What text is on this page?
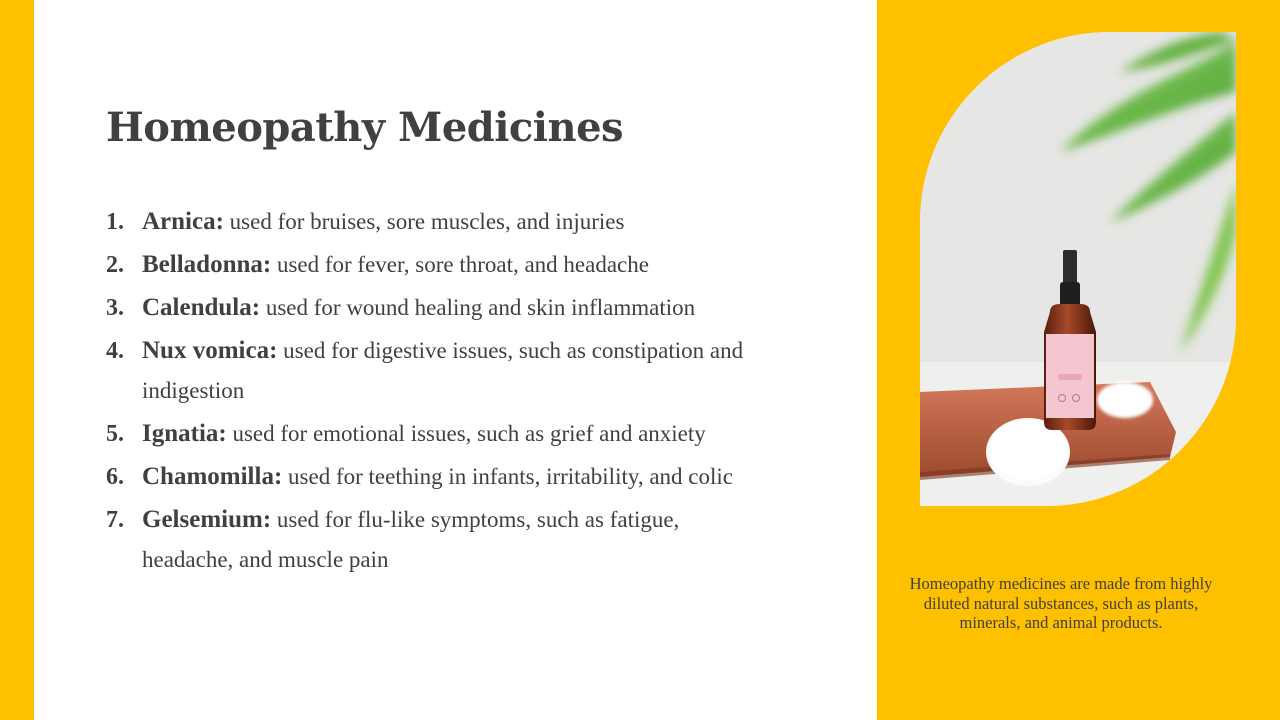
Homeopathy Medicines
1. Arnica: used for bruises, sore muscles, and injuries
2. Belladonna: used for fever, sore throat, and headache
3. Calendula: used for wound healing and skin inflammation
4. Nux vomica: used for digestive issues, such as constipation and indigestion
5. Ignatia: used for emotional issues, such as grief and anxiety
6. Chamomilla: used for teething in infants, irritability, and colic
7. Gelsemium: used for flu-like symptoms, such as fatigue, headache, and muscle pain

Homeopathy medicines are made from highly diluted natural substances, such as plants, minerals, and animal products.
